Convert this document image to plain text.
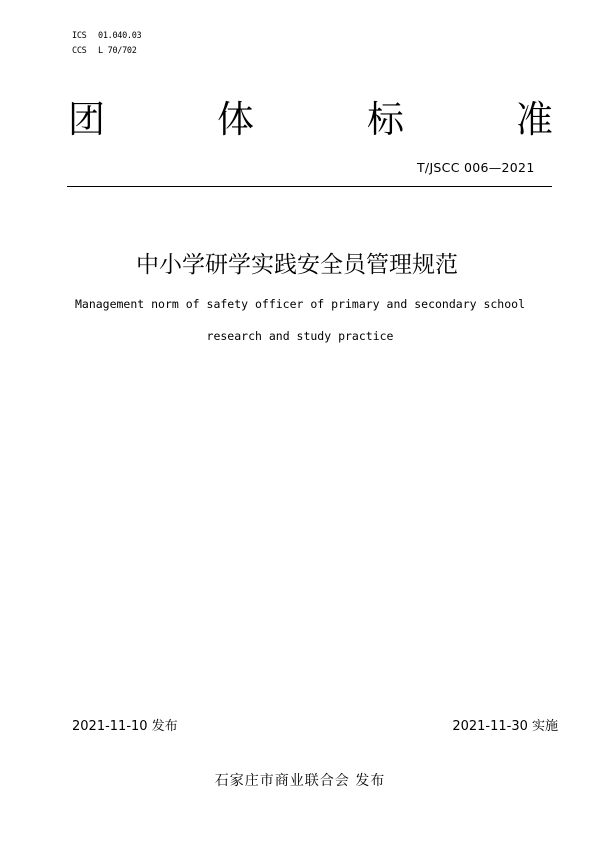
ICS 01.040.03
CCS L 70/702
团	体	标	准
T/JSCC 006—2021
中小学研学实践安全员管理规范
Management norm of safety officer of primary and secondary school
research and study practice
2021-11-10 发布	2021-11-30 实施
石家庄市商业联合会 发布
